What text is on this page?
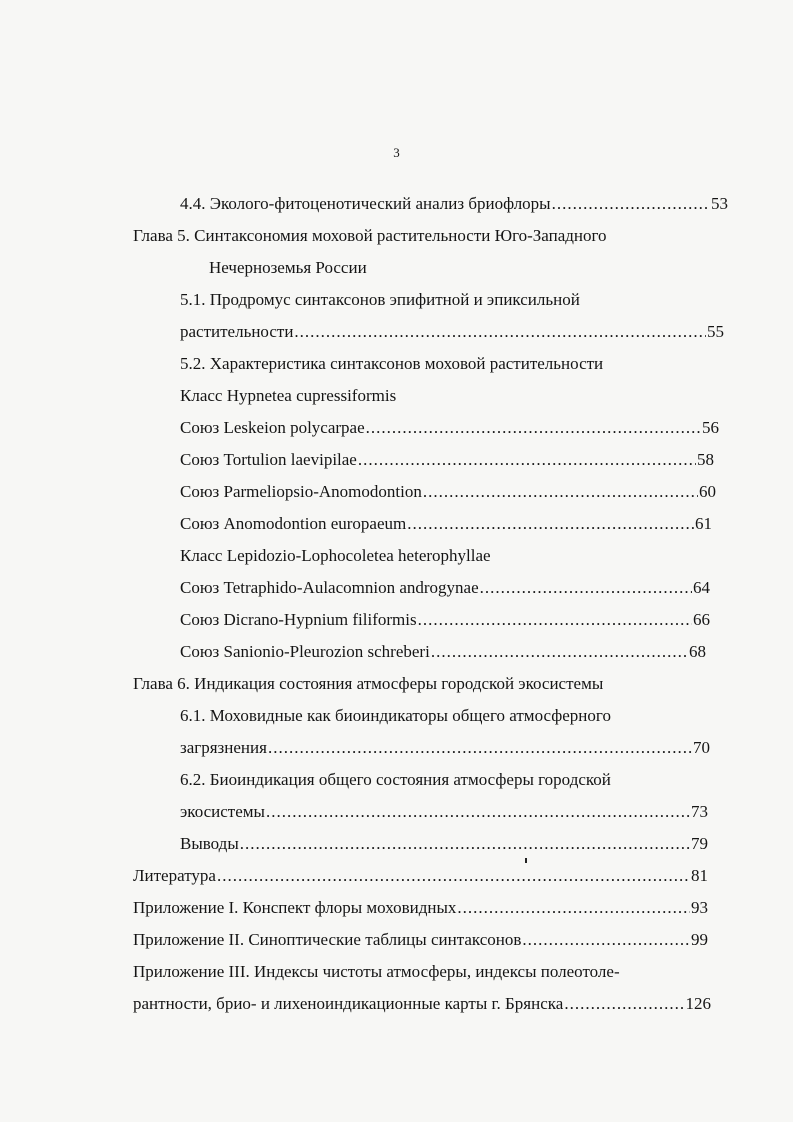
3
4.4. Эколого-фитоценотический анализ бриофлоры .....	53
Глава 5. Синтаксономия моховой растительности Юго-Западного
Нечерноземья России
5.1. Продромус синтаксонов эпифитной и эпиксильной
растительности .....	55
5.2. Характеристика синтаксонов моховой растительности
Класс Hypnetea cupressiformis
Союз Leskeion polycarpae .....	56
Союз Tortulion laevipilae .....	58
Союз Parmeliopsio-Anomodontion .....	60
Союз Anomodontion europaeum .....	61
Класс Lepidozio-Lophocoletea heterophyllae
Союз Tetraphido-Aulacomnion androgynae .....	64
Союз Dicrano-Hypnium filiformis .....	66
Союз Sanionio-Pleurozion schreberi .....	68
Глава 6. Индикация состояния атмосферы городской экосистемы
6.1. Моховидные как биоиндикаторы общего атмосферного
загрязнения .....	70
6.2. Биоиндикация общего состояния атмосферы городской
экосистемы .....	73
Выводы .....	79
Литература .....	81
Приложение I. Конспект флоры моховидных .....	93
Приложение II. Синоптические таблицы синтаксонов .....	99
Приложение III. Индексы чистоты атмосферы, индексы полеотоле-
рантности, брио- и лихеноиндикационные карты г. Брянска .....	126
